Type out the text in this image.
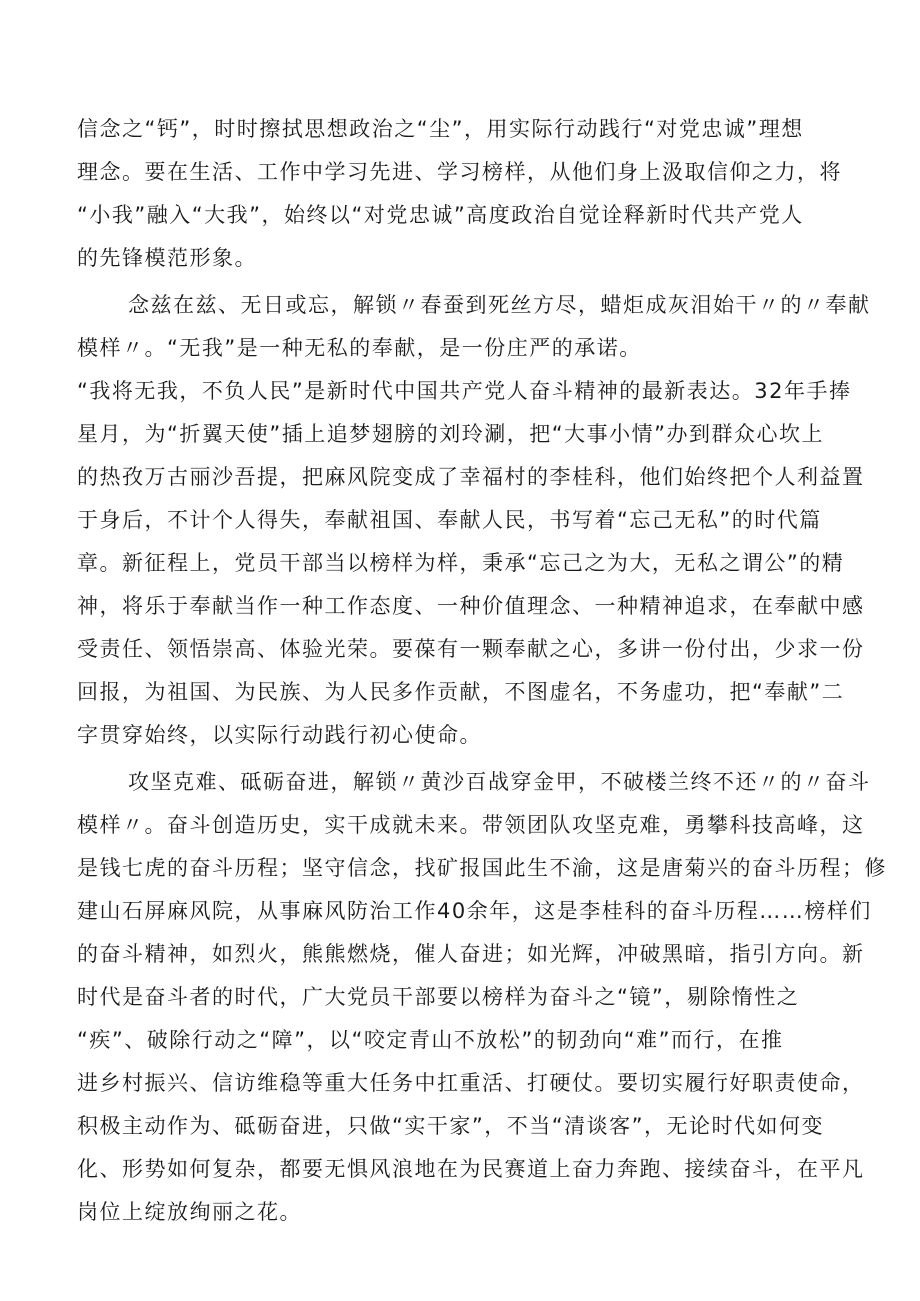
信念之“钙”，时时擦拭思想政治之“尘”，用实际行动践行“对党忠诚”理想
理念。要在生活、工作中学习先进、学习榜样，从他们身上汲取信仰之力，将
“小我”融入“大我”，始终以“对党忠诚”高度政治自觉诠释新时代共产党人
的先锋模范形象。
念兹在兹、无日或忘，解锁〃春蚕到死丝方尽，蜡炬成灰泪始干〃的〃奉献
模样〃。“无我”是一种无私的奉献，是一份庄严的承诺。
“我将无我，不负人民”是新时代中国共产党人奋斗精神的最新表达。32年手捧
星月，为“折翼天使”插上追梦翅膀的刘玲涮，把“大事小情”办到群众心坎上
的热孜万古丽沙吾提，把麻风院变成了幸福村的李桂科，他们始终把个人利益置
于身后，不计个人得失，奉献祖国、奉献人民，书写着“忘己无私”的时代篇
章。新征程上，党员干部当以榜样为样，秉承“忘己之为大，无私之谓公”的精
神，将乐于奉献当作一种工作态度、一种价值理念、一种精神追求，在奉献中感
受责任、领悟崇高、体验光荣。要葆有一颗奉献之心，多讲一份付出，少求一份
回报，为祖国、为民族、为人民多作贡献，不图虚名，不务虚功，把“奉献”二
字贯穿始终，以实际行动践行初心使命。
攻坚克难、砥砺奋进，解锁〃黄沙百战穿金甲，不破楼兰终不还〃的〃奋斗
模样〃。奋斗创造历史，实干成就未来。带领团队攻坚克难，勇攀科技高峰，这
是钱七虎的奋斗历程；坚守信念，找矿报国此生不渝，这是唐菊兴的奋斗历程；修
建山石屏麻风院，从事麻风防治工作40余年，这是李桂科的奋斗历程……榜样们
的奋斗精神，如烈火，熊熊燃烧，催人奋进；如光辉，冲破黑暗，指引方向。新
时代是奋斗者的时代，广大党员干部要以榜样为奋斗之“镜”，剔除惰性之
“疾”、破除行动之“障”，以“咬定青山不放松”的韧劲向“难”而行，在推
进乡村振兴、信访维稳等重大任务中扛重活、打硬仗。要切实履行好职责使命，
积极主动作为、砥砺奋进，只做“实干家”，不当“清谈客”，无论时代如何变
化、形势如何复杂，都要无惧风浪地在为民赛道上奋力奔跑、接续奋斗，在平凡
岗位上绽放绚丽之花。
